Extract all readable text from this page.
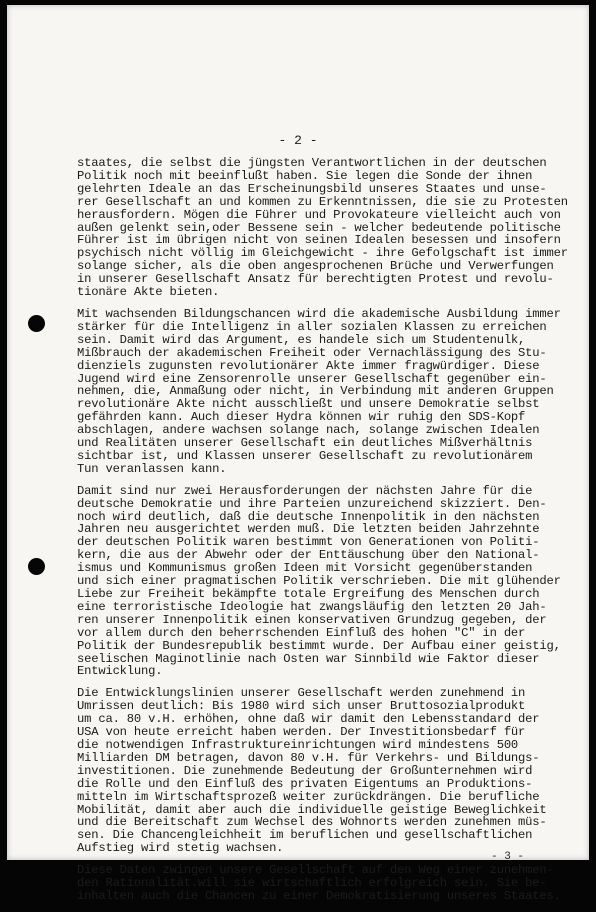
- 2 -
staates, die selbst die jüngsten Verantwortlichen in der deutschen
Politik noch mit beeinflußt haben. Sie legen die Sonde der ihnen
gelehrten Ideale an das Erscheinungsbild unseres Staates und unse-
rer Gesellschaft an und kommen zu Erkenntnissen, die sie zu Protesten
herausfordern. Mögen die Führer und Provokateure vielleicht auch von
außen gelenkt sein,oder Bessene sein - welcher bedeutende politische
Führer ist im übrigen nicht von seinen Idealen besessen und insofern
psychisch nicht völlig im Gleichgewicht - ihre Gefolgschaft ist immer
solange sicher, als die oben angesprochenen Brüche und Verwerfungen
in unserer Gesellschaft Ansatz für berechtigten Protest und revolu-
tionäre Akte bieten.
Mit wachsenden Bildungschancen wird die akademische Ausbildung immer
stärker für die Intelligenz in aller sozialen Klassen zu erreichen
sein. Damit wird das Argument, es handele sich um Studentenulk,
Mißbrauch der akademischen Freiheit oder Vernachlässigung des Stu-
dienziels zugunsten revolutionärer Akte immer fragwürdiger. Diese
Jugend wird eine Zensorenrolle unserer Gesellschaft gegenüber ein-
nehmen, die, Anmaßung oder nicht, in Verbindung mit anderen Gruppen
revolutionäre Akte nicht ausschließt und unsere Demokratie selbst
gefährden kann. Auch dieser Hydra können wir ruhig den SDS-Kopf
abschlagen, andere wachsen solange nach, solange zwischen Idealen
und Realitäten unserer Gesellschaft ein deutliches Mißverhältnis
sichtbar ist, und Klassen unserer Gesellschaft zu revolutionärem
Tun veranlassen kann.
Damit sind nur zwei Herausforderungen der nächsten Jahre für die
deutsche Demokratie und ihre Parteien unzureichend skizziert. Den-
noch wird deutlich, daß die deutsche Innenpolitik in den nächsten
Jahren neu ausgerichtet werden muß. Die letzten beiden Jahrzehnte
der deutschen Politik waren bestimmt von Generationen von Politi-
kern, die aus der Abwehr oder der Enttäuschung über den National-
ismus und Kommunismus großen Ideen mit Vorsicht gegenüberstanden
und sich einer pragmatischen Politik verschrieben. Die mit glühender
Liebe zur Freiheit bekämpfte totale Ergreifung des Menschen durch
eine terroristische Ideologie hat zwangsläufig den letzten 20 Jah-
ren unserer Innenpolitik einen konservativen Grundzug gegeben, der
vor allem durch den beherrschenden Einfluß des hohen "C" in der
Politik der Bundesrepublik bestimmt wurde. Der Aufbau einer geistig,
seelischen Maginotlinie nach Osten war Sinnbild wie Faktor dieser
Entwicklung.
Die Entwicklungslinien unserer Gesellschaft werden zunehmend in
Umrissen deutlich: Bis 1980 wird sich unser Bruttosozialprodukt
um ca. 80 v.H. erhöhen, ohne daß wir damit den Lebensstandard der
USA von heute erreicht haben werden. Der Investitionsbedarf für
die notwendigen Infrastruktureinrichtungen wird mindestens 500
Milliarden DM betragen, davon 80 v.H. für Verkehrs- und Bildungs-
investitionen. Die zunehmende Bedeutung der Großunternehmen wird
die Rolle und den Einfluß des privaten Eigentums an Produktions-
mitteln im Wirtschaftsprozeß weiter zurückdrängen. Die berufliche
Mobilität, damit aber auch die individuelle geistige Beweglichkeit
und die Bereitschaft zum Wechsel des Wohnorts werden zunehmen müs-
sen. Die Chancengleichheit im beruflichen und gesellschaftlichen
Aufstieg wird stetig wachsen.
Diese Daten zwingen unsere Gesellschaft auf den Weg einer zunehmen-
den Rationalität.will sie wirtschaftlich erfolgreich sein. Sie be-
inhalten auch die Chancen zu einer Demokratisierung unseres Staates.
- 3 -
